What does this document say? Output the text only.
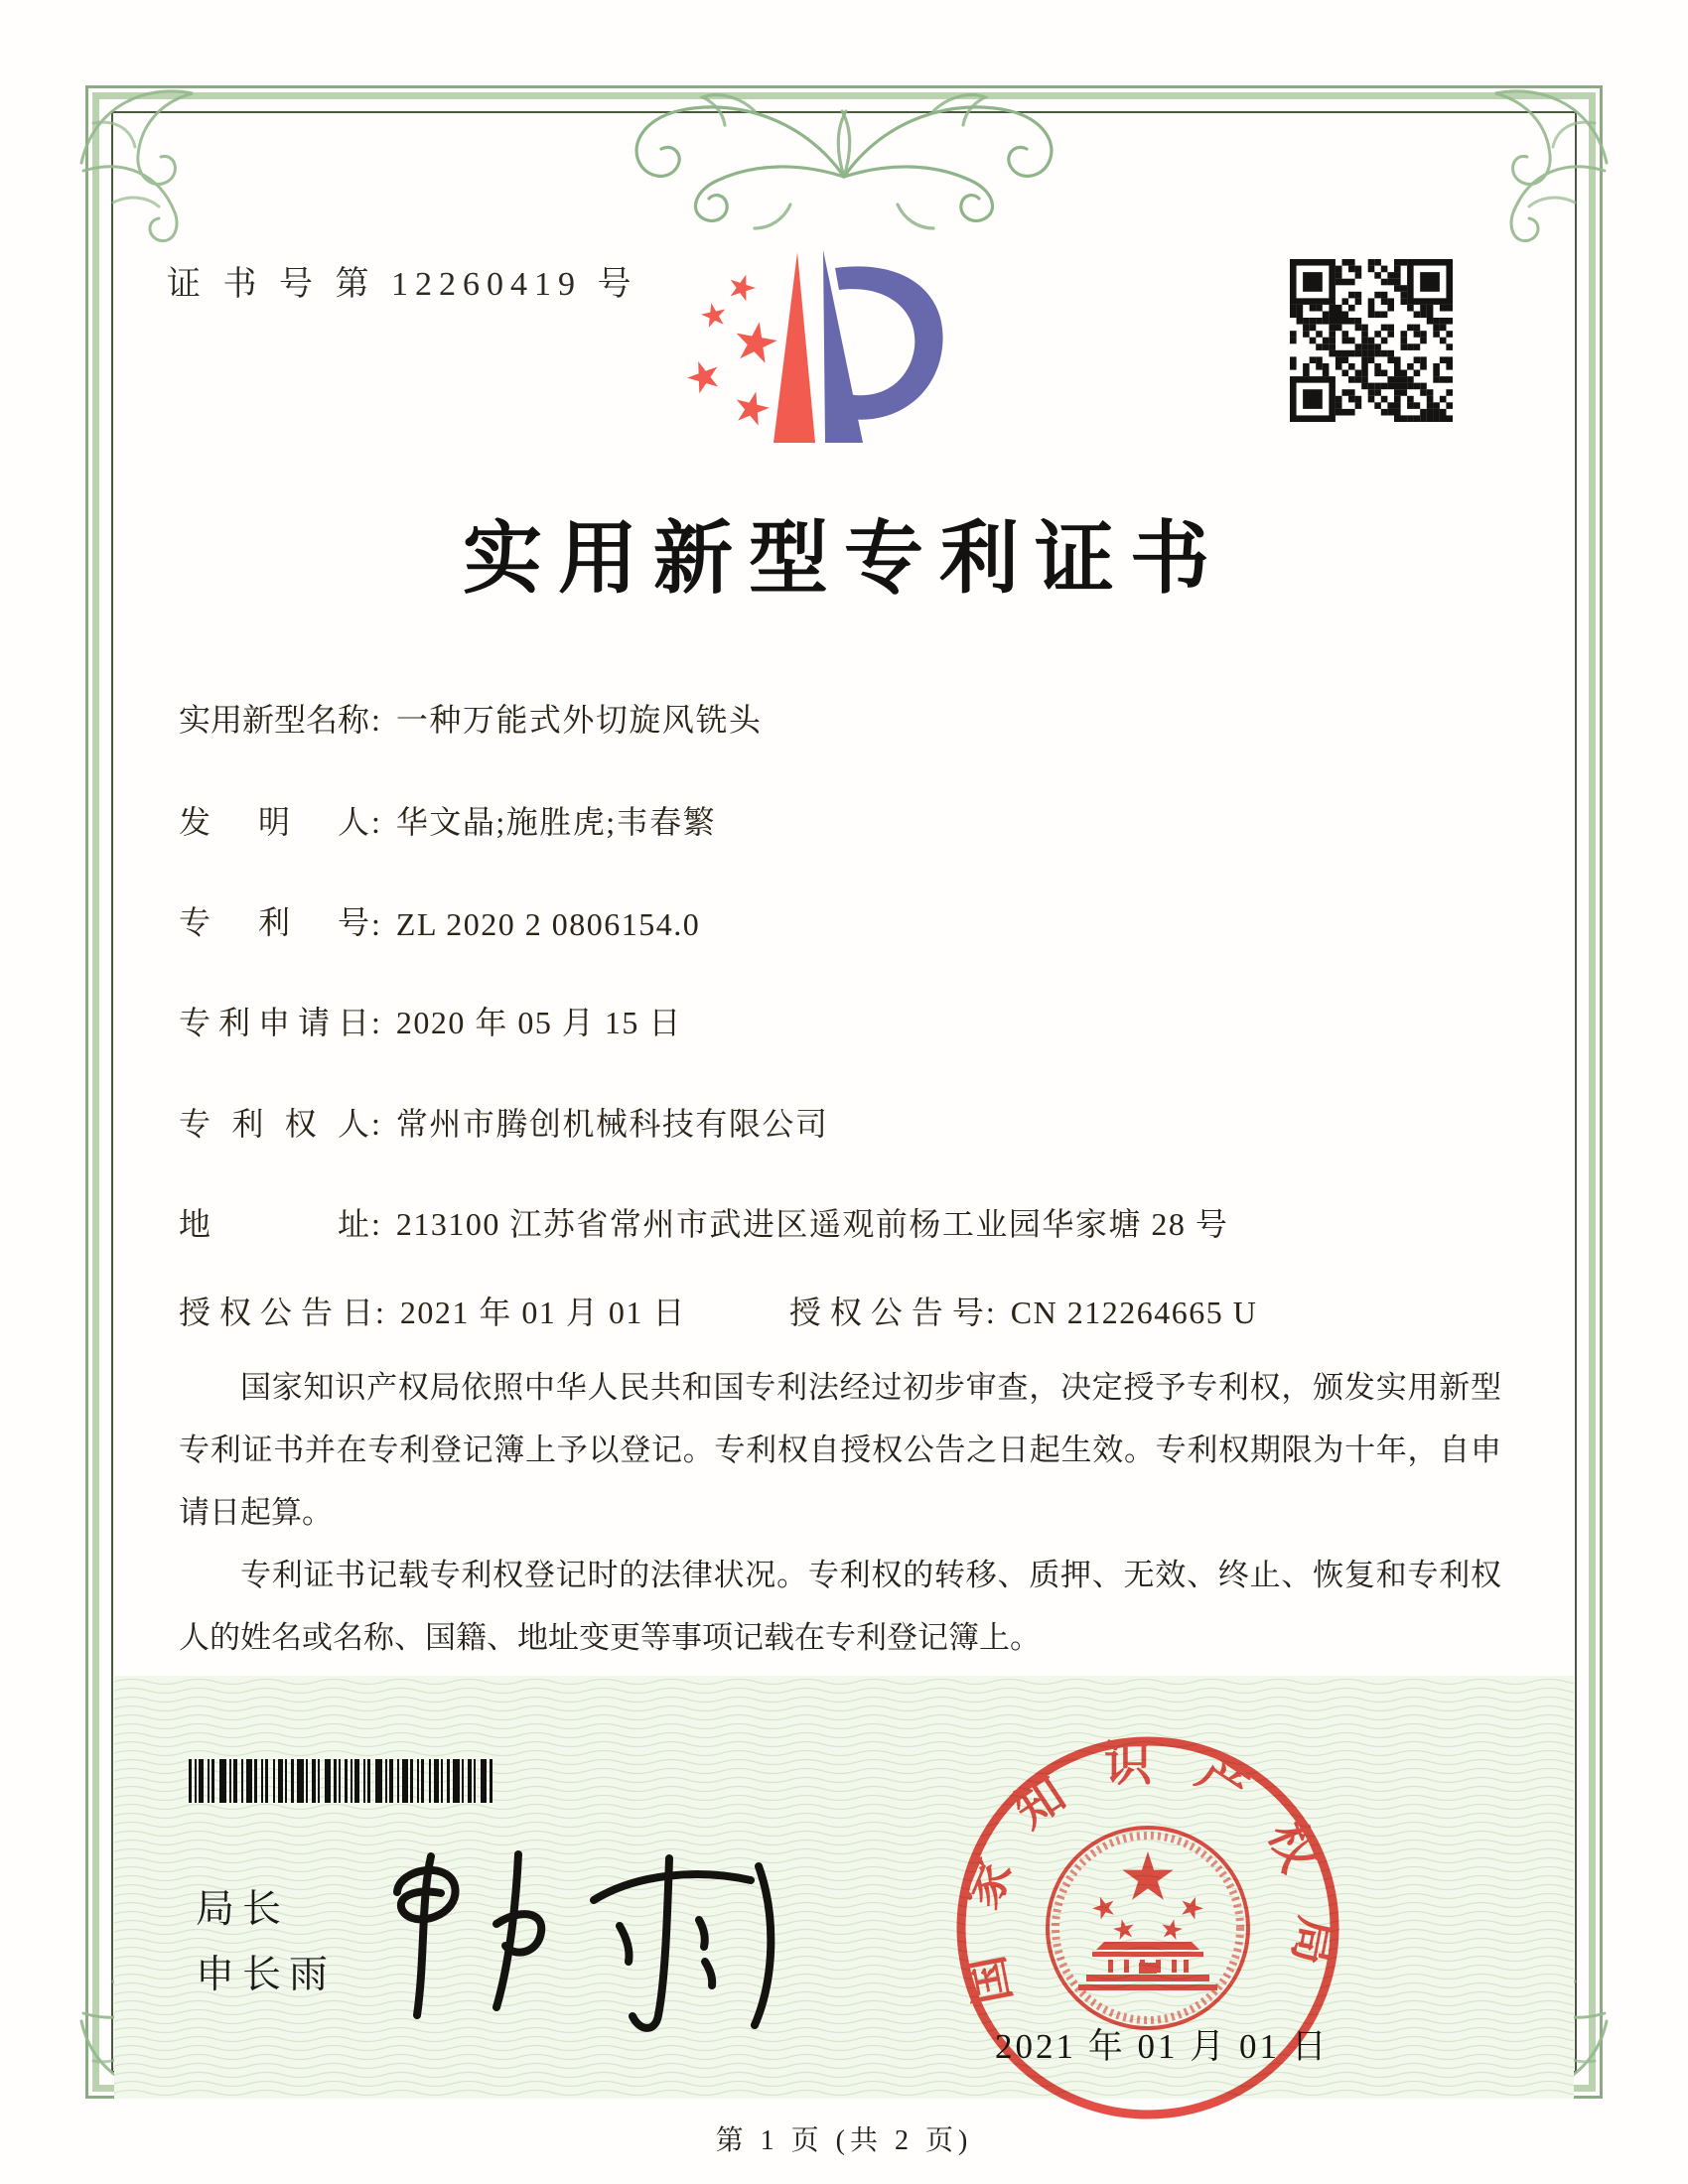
证 书 号 第 12260419 号
实用新型专利证书
实用新型名称: 一种万能式外切旋风铣头
发明人: 华文晶;施胜虎;韦春繁
专利号: ZL 2020 2 0806154.0
专利申请日: 2020 年 05 月 15 日
专利权人: 常州市腾创机械科技有限公司
地址: 213100 江苏省常州市武进区遥观前杨工业园华家塘 28 号
授权公告日: 2021 年 01 月 01 日	授权公告号: CN 212264665 U

国家知识产权局依照中华人民共和国专利法经过初步审查，决定授予专利权，颁发实用新型专利证书并在专利登记簿上予以登记。专利权自授权公告之日起生效。专利权期限为十年，自申请日起算。

专利证书记载专利权登记时的法律状况。专利权的转移、质押、无效、终止、恢复和专利权人的姓名或名称、国籍、地址变更等事项记载在专利登记簿上。

局长
申长雨	国家知识产权局
2021 年 01 月 01 日
第 1 页 (共 2 页)
